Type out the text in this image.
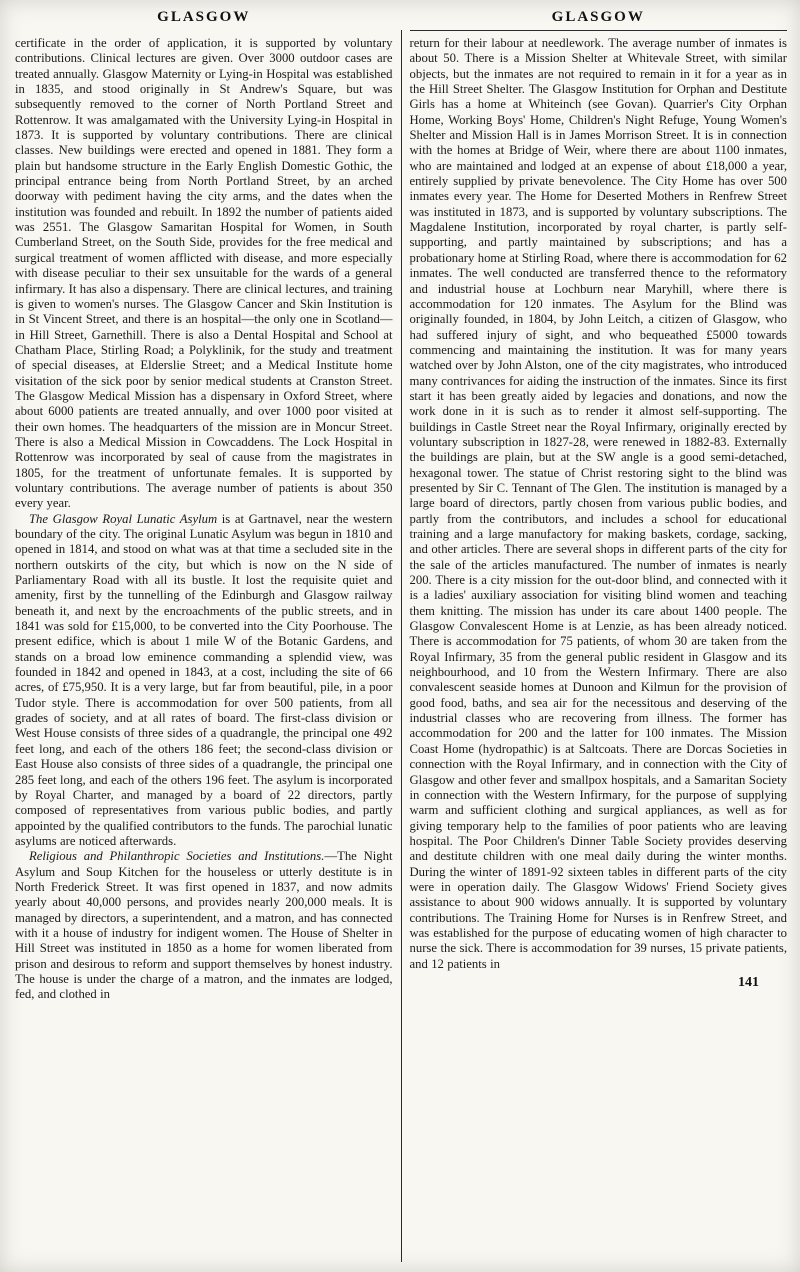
GLASGOW

certificate in the order of application, it is supported by voluntary contributions. Clinical lectures are given. Over 3000 outdoor cases are treated annually. Glasgow Maternity or Lying-in Hospital was established in 1835, and stood originally in St Andrew's Square, but was subsequently removed to the corner of North Portland Street and Rottenrow. It was amalgamated with the University Lying-in Hospital in 1873. It is supported by voluntary contributions. There are clinical classes. New buildings were erected and opened in 1881. They form a plain but handsome structure in the Early English Domestic Gothic, the principal entrance being from North Portland Street, by an arched doorway with pediment having the city arms, and the dates when the institution was founded and rebuilt. In 1892 the number of patients aided was 2551. The Glasgow Samaritan Hospital for Women, in South Cumberland Street, on the South Side, provides for the free medical and surgical treatment of women afflicted with disease, and more especially with disease peculiar to their sex unsuitable for the wards of a general infirmary. It has also a dispensary. There are clinical lectures, and training is given to women's nurses. The Glasgow Cancer and Skin Institution is in St Vincent Street, and there is an hospital—the only one in Scotland—in Hill Street, Garnethill. There is also a Dental Hospital and School at Chatham Place, Stirling Road; a Polyklinik, for the study and treatment of special diseases, at Elderslie Street; and a Medical Institute home visitation of the sick poor by senior medical students at Cranston Street. The Glasgow Medical Mission has a dispensary in Oxford Street, where about 6000 patients are treated annually, and over 1000 poor visited at their own homes. The headquarters of the mission are in Moncur Street. There is also a Medical Mission in Cowcaddens. The Lock Hospital in Rottenrow was incorporated by seal of cause from the magistrates in 1805, for the treatment of unfortunate females. It is supported by voluntary contributions. The average number of patients is about 350 every year.

The Glasgow Royal Lunatic Asylum is at Gartnavel, near the western boundary of the city. The original Lunatic Asylum was begun in 1810 and opened in 1814, and stood on what was at that time a secluded site in the northern outskirts of the city, but which is now on the N side of Parliamentary Road with all its bustle. It lost the requisite quiet and amenity, first by the tunnelling of the Edinburgh and Glasgow railway beneath it, and next by the encroachments of the public streets, and in 1841 was sold for £15,000, to be converted into the City Poorhouse. The present edifice, which is about 1 mile W of the Botanic Gardens, and stands on a broad low eminence commanding a splendid view, was founded in 1842 and opened in 1843, at a cost, including the site of 66 acres, of £75,950. It is a very large, but far from beautiful, pile, in a poor Tudor style. There is accommodation for over 500 patients, from all grades of society, and at all rates of board. The first-class division or West House consists of three sides of a quadrangle, the principal one 492 feet long, and each of the others 186 feet; the second-class division or East House also consists of three sides of a quadrangle, the principal one 285 feet long, and each of the others 196 feet. The asylum is incorporated by Royal Charter, and managed by a board of 22 directors, partly composed of representatives from various public bodies, and partly appointed by the qualified contributors to the funds. The parochial lunatic asylums are noticed afterwards.

Religious and Philanthropic Societies and Institutions.—The Night Asylum and Soup Kitchen for the houseless or utterly destitute is in North Frederick Street. It was first opened in 1837, and now admits yearly about 40,000 persons, and provides nearly 200,000 meals. It is managed by directors, a superintendent, and a matron, and has connected with it a house of industry for indigent women. The House of Shelter in Hill Street was instituted in 1850 as a home for women liberated from prison and desirous to reform and support themselves by honest industry. The house is under the charge of a matron, and the inmates are lodged, fed, and clothed in

GLASGOW

return for their labour at needlework. The average number of inmates is about 50. There is a Mission Shelter at Whitevale Street, with similar objects, but the inmates are not required to remain in it for a year as in the Hill Street Shelter. The Glasgow Institution for Orphan and Destitute Girls has a home at Whiteinch (see Govan). Quarrier's City Orphan Home, Working Boys' Home, Children's Night Refuge, Young Women's Shelter and Mission Hall is in James Morrison Street. It is in connection with the homes at Bridge of Weir, where there are about 1100 inmates, who are maintained and lodged at an expense of about £18,000 a year, entirely supplied by private benevolence. The City Home has over 500 inmates every year. The Home for Deserted Mothers in Renfrew Street was instituted in 1873, and is supported by voluntary subscriptions. The Magdalene Institution, incorporated by royal charter, is partly self-supporting, and partly maintained by subscriptions; and has a probationary home at Stirling Road, where there is accommodation for 62 inmates. The well conducted are transferred thence to the reformatory and industrial house at Lochburn near Maryhill, where there is accommodation for 120 inmates. The Asylum for the Blind was originally founded, in 1804, by John Leitch, a citizen of Glasgow, who had suffered injury of sight, and who bequeathed £5000 towards commencing and maintaining the institution. It was for many years watched over by John Alston, one of the city magistrates, who introduced many contrivances for aiding the instruction of the inmates. Since its first start it has been greatly aided by legacies and donations, and now the work done in it is such as to render it almost self-supporting. The buildings in Castle Street near the Royal Infirmary, originally erected by voluntary subscription in 1827-28, were renewed in 1882-83. Externally the buildings are plain, but at the SW angle is a good semi-detached, hexagonal tower. The statue of Christ restoring sight to the blind was presented by Sir C. Tennant of The Glen. The institution is managed by a large board of directors, partly chosen from various public bodies, and partly from the contributors, and includes a school for educational training and a large manufactory for making baskets, cordage, sacking, and other articles. There are several shops in different parts of the city for the sale of the articles manufactured. The number of inmates is nearly 200. There is a city mission for the out-door blind, and connected with it is a ladies' auxiliary association for visiting blind women and teaching them knitting. The mission has under its care about 1400 people. The Glasgow Convalescent Home is at Lenzie, as has been already noticed. There is accommodation for 75 patients, of whom 30 are taken from the Royal Infirmary, 35 from the general public resident in Glasgow and its neighbourhood, and 10 from the Western Infirmary. There are also convalescent seaside homes at Dunoon and Kilmun for the provision of good food, baths, and sea air for the necessitous and deserving of the industrial classes who are recovering from illness. The former has accommodation for 200 and the latter for 100 inmates. The Mission Coast Home (hydropathic) is at Saltcoats. There are Dorcas Societies in connection with the Royal Infirmary, and in connection with the City of Glasgow and other fever and smallpox hospitals, and a Samaritan Society in connection with the Western Infirmary, for the purpose of supplying warm and sufficient clothing and surgical appliances, as well as for giving temporary help to the families of poor patients who are leaving hospital. The Poor Children's Dinner Table Society provides deserving and destitute children with one meal daily during the winter months. During the winter of 1891-92 sixteen tables in different parts of the city were in operation daily. The Glasgow Widows' Friend Society gives assistance to about 900 widows annually. It is supported by voluntary contributions. The Training Home for Nurses is in Renfrew Street, and was established for the purpose of educating women of high character to nurse the sick. There is accommodation for 39 nurses, 15 private patients, and 12 patients in

141
